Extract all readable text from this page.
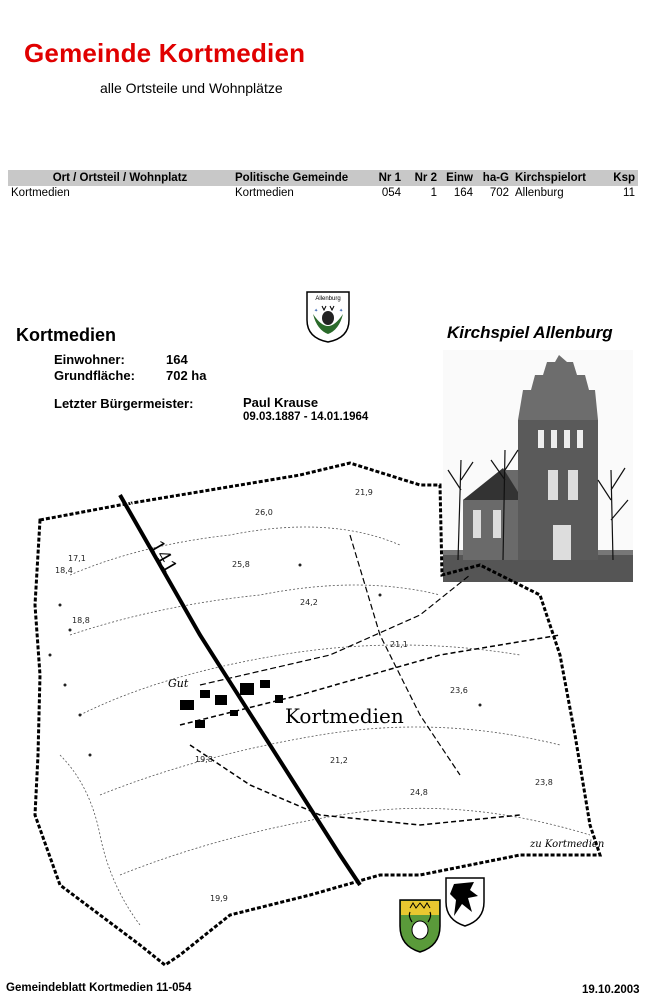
Gemeinde Kortmedien
alle Ortsteile und Wohnplätze
Ort / Ortsteil / Wohnplatz	Politische Gemeinde	Nr 1	Nr 2	Einw	ha-G	Kirchspielort	Ksp
Kortmedien	Kortmedien	054	1	164	702	Allenburg	11
Allenburg
✦	✦
Kortmedien
Einwohner:	164
Grundfläche: 702 ha
Letzter Bürgermeister:	Paul Krause
09.03.1887 - 14.01.1964
Kirchspiel Allenburg
141
Kortmedien
Gut
zu Kortmedien
26,0
25,8
17,1
18,4
18,8
24,2
21,1
23,6
21,2
19,8
24,8
23,8
19,9
21,9
Gemeindeblatt Kortmedien 11-054	19.10.2003
